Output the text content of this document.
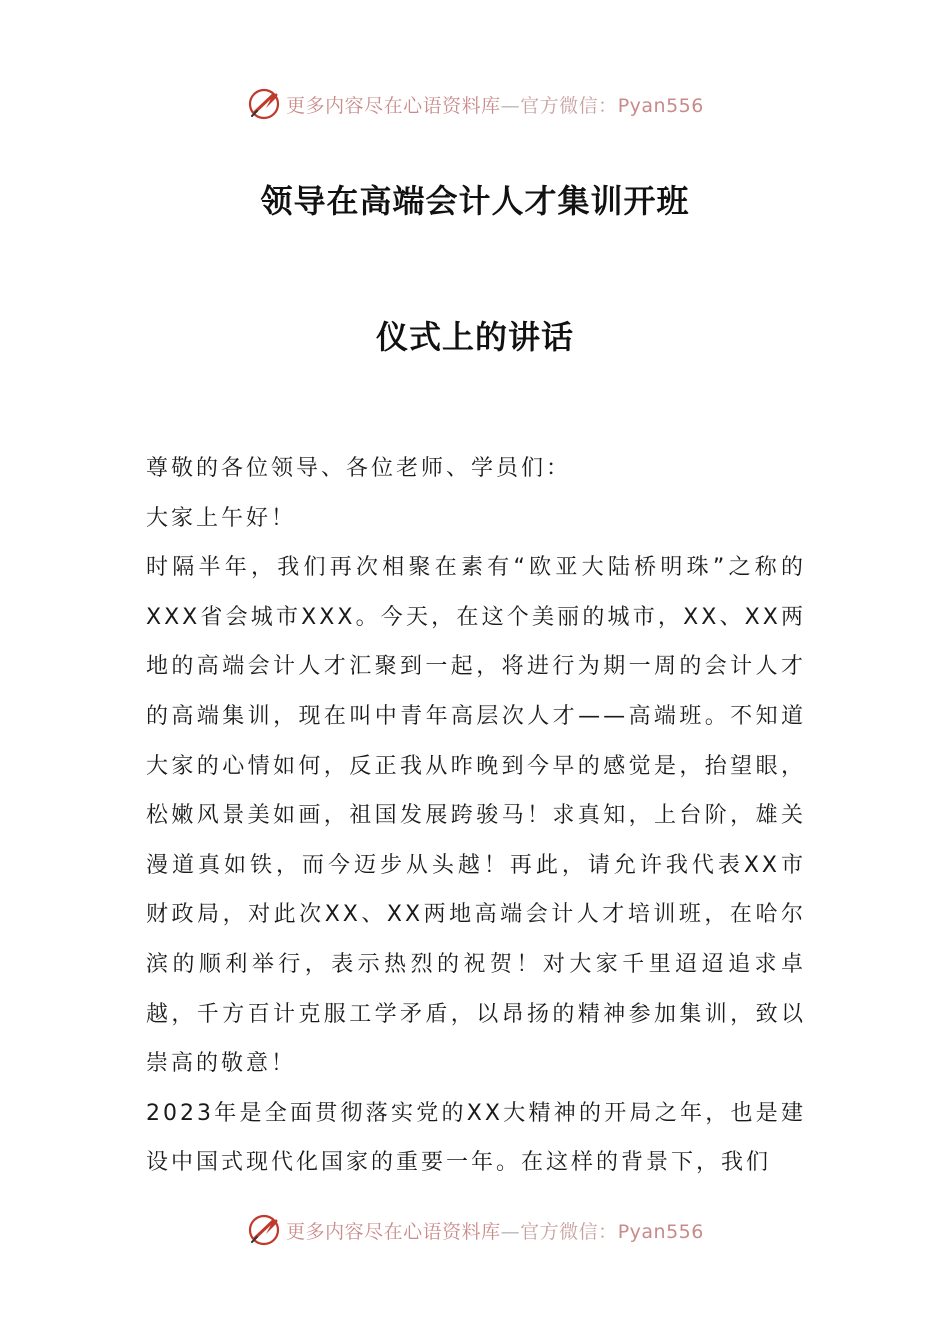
更多内容尽在心语资料库—官方微信：Pyan556
领导在高端会计人才集训开班
仪式上的讲话

尊敬的各位领导、各位老师、学员们：

大家上午好！

时隔半年，我们再次相聚在素有“欧亚大陆桥明珠”之称的XXX省会城市XXX。今天，在这个美丽的城市，XX、XX两地的高端会计人才汇聚到一起，将进行为期一周的会计人才的高端集训，现在叫中青年高层次人才——高端班。不知道大家的心情如何，反正我从昨晚到今早的感觉是，抬望眼，松嫩风景美如画，祖国发展跨骏马！求真知，上台阶，雄关漫道真如铁，而今迈步从头越！再此，请允许我代表XX市财政局，对此次XX、XX两地高端会计人才培训班，在哈尔滨的顺利举行，表示热烈的祝贺！对大家千里迢迢追求卓越，千方百计克服工学矛盾，以昂扬的精神参加集训，致以崇高的敬意！

2023年是全面贯彻落实党的XX大精神的开局之年，也是建设中国式现代化国家的重要一年。在这样的背景下，我们

更多内容尽在心语资料库—官方微信：Pyan556
